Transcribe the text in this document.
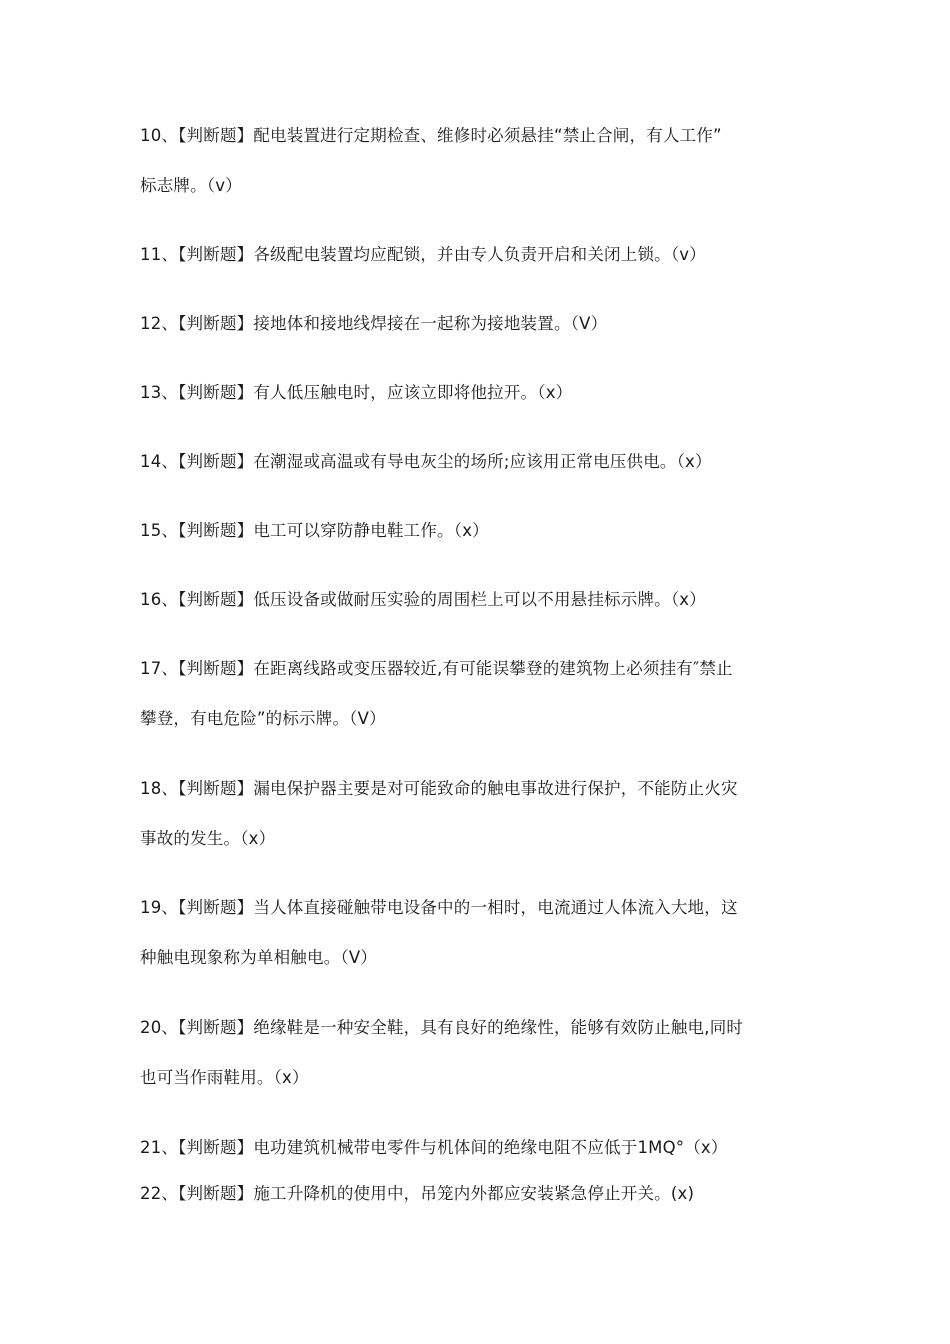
10、【判断题】配电装置进行定期检查、维修时必须悬挂“禁止合闸，有人工作”
标志牌。（v）
11、【判断题】各级配电装置均应配锁，并由专人负责开启和关闭上锁。（v）
12、【判断题】接地体和接地线焊接在一起称为接地装置。（V）
13、【判断题】有人低压触电时，应该立即将他拉开。（x）
14、【判断题】在潮湿或高温或有导电灰尘的场所;应该用正常电压供电。（x）
15、【判断题】电工可以穿防静电鞋工作。（x）
16、【判断题】低压设备或做耐压实验的周围栏上可以不用悬挂标示牌。（x）
17、【判断题】在距离线路或变压器较近,有可能误攀登的建筑物上必须挂有″禁止
攀登，有电危险”的标示牌。（V）
18、【判断题】漏电保护器主要是对可能致命的触电事故进行保护，不能防止火灾
事故的发生。（x）
19、【判断题】当人体直接碰触带电设备中的一相时，电流通过人体流入大地，这
种触电现象称为单相触电。（V）
20、【判断题】绝缘鞋是一种安全鞋，具有良好的绝缘性，能够有效防止触电,同时
也可当作雨鞋用。（x）
21、【判断题】电功建筑机械带电零件与机体间的绝缘电阻不应低于1MQ°（x）
22、【判断题】施工升降机的使用中，吊笼内外都应安装紧急停止开关。(x)
